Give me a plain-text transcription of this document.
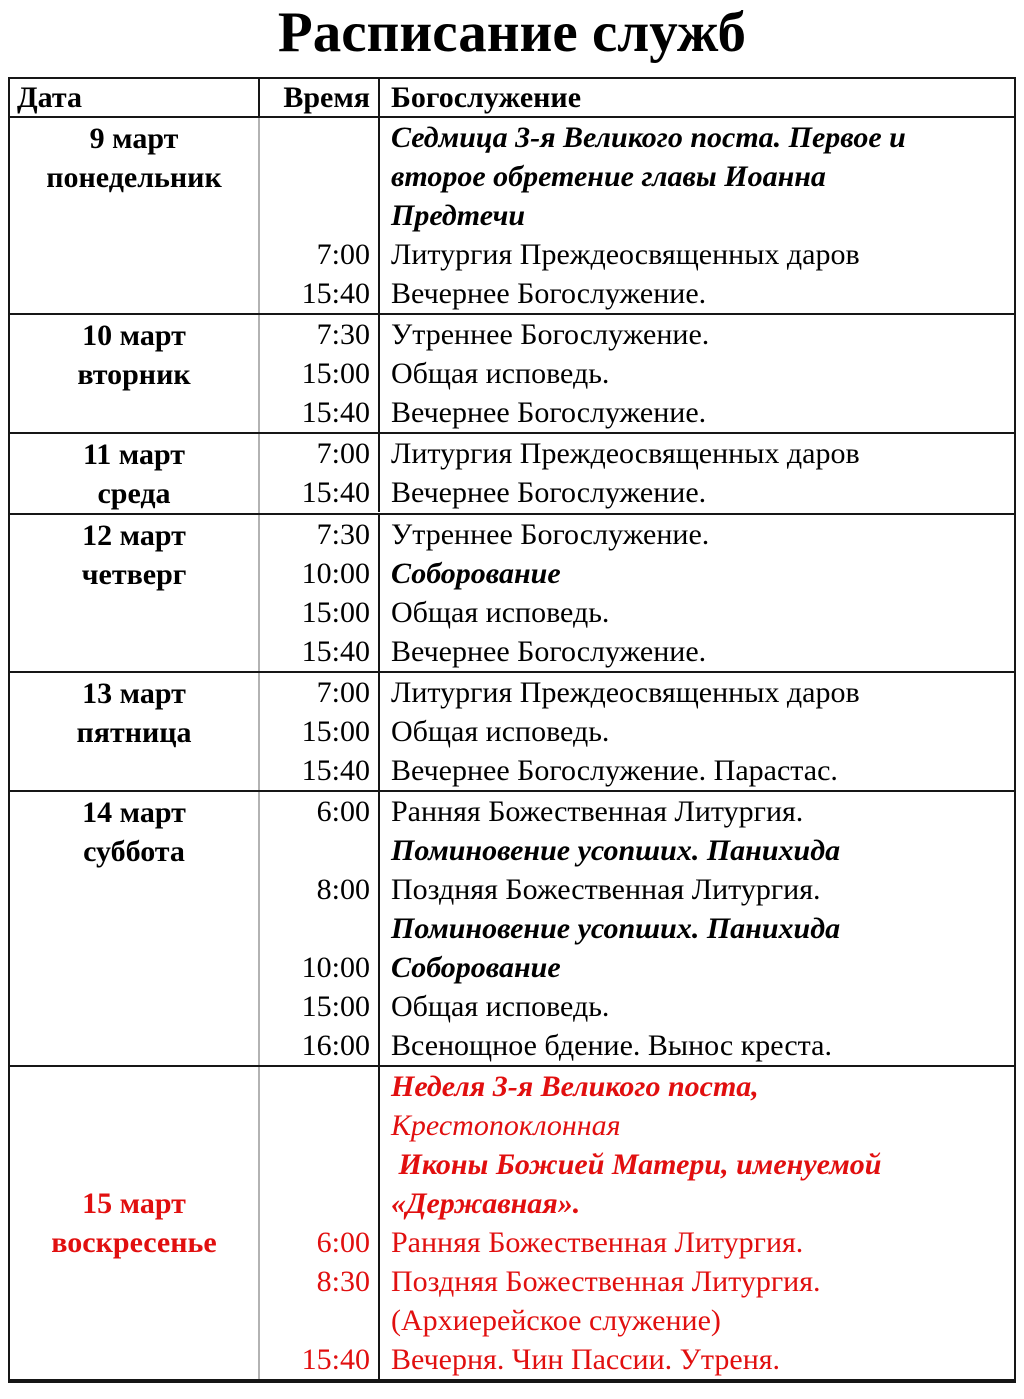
Расписание служб
Дата	Время Богослужение
9 март
понедельник
Седмица 3-я Великого поста. Первое и
второе обретение главы Иоанна
Предтечи
7:00 Литургия Преждеосвященных даров
15:40 Вечернее Богослужение.
10 март
вторник
7:30 Утреннее Богослужение.
15:00 Общая исповедь.
15:40 Вечернее Богослужение.
11 март
среда
7:00 Литургия Преждеосвященных даров
15:40 Вечернее Богослужение.
12 март
четверг
7:30 Утреннее Богослужение.
10:00 Соборование
15:00 Общая исповедь.
15:40 Вечернее Богослужение.
13 март
пятница
7:00 Литургия Преждеосвященных даров
15:00 Общая исповедь.
15:40 Вечернее Богослужение. Парастас.
14 март
суббота
6:00 Ранняя Божественная Литургия.
Поминовение усопших. Панихида
8:00 Поздняя Божественная Литургия.
Поминовение усопших. Панихида
10:00 Соборование
15:00 Общая исповедь.
16:00 Всенощное бдение. Вынос креста.
15 март
воскресенье
Неделя 3-я Великого поста,
Крестопоклонная
Иконы Божией Матери, именуемой
«Державная».
6:00 Ранняя Божественная Литургия.
8:30 Поздняя Божественная Литургия.
(Архиерейское служение)
15:40 Вечерня. Чин Пассии. Утреня.
